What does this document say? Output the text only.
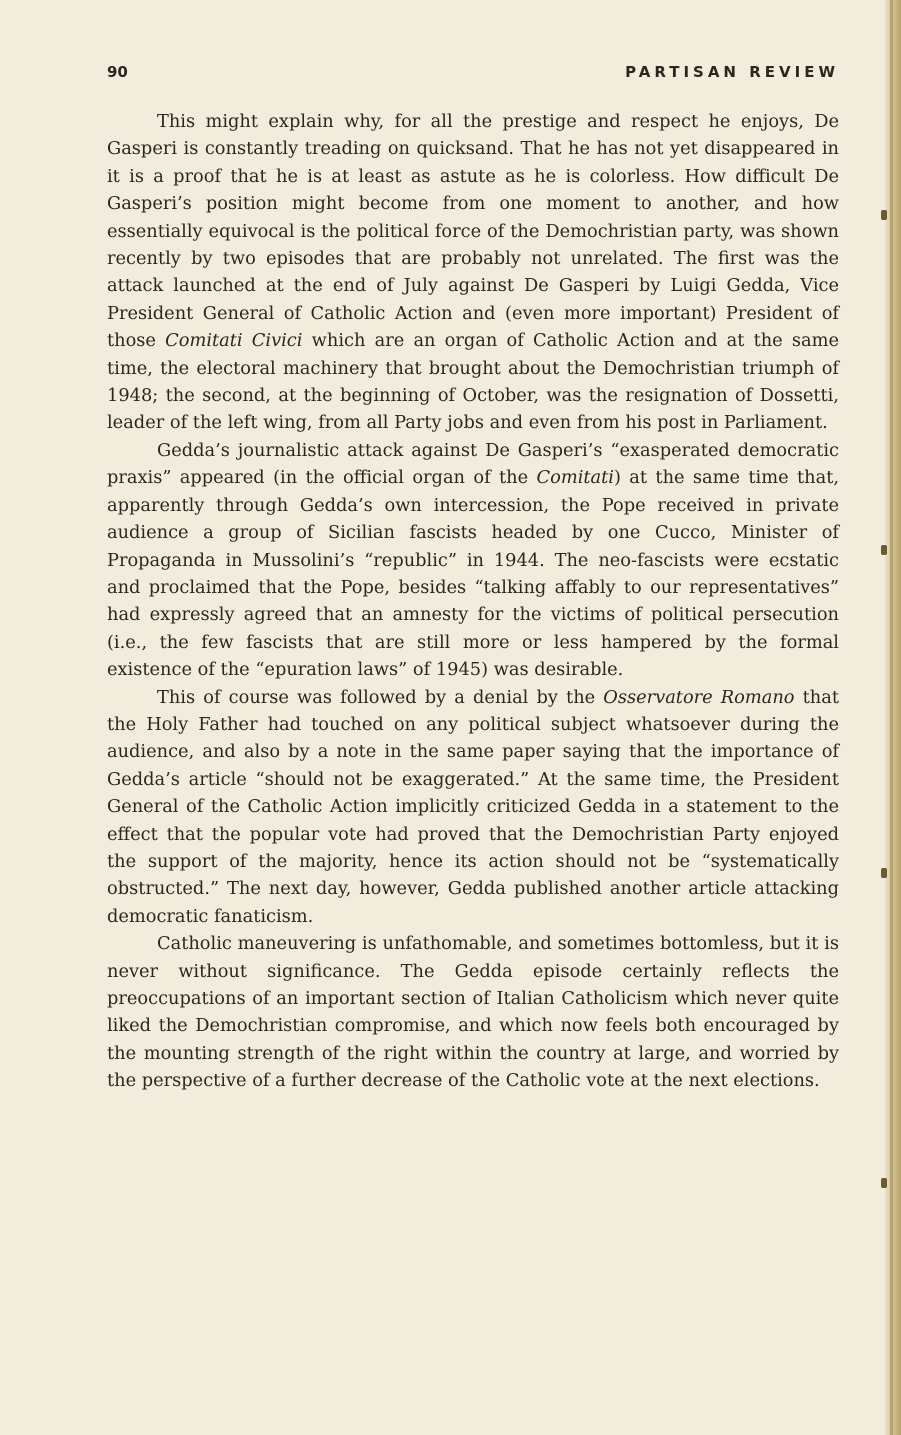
90	PARTISAN REVIEW

This might explain why, for all the prestige and respect he enjoys, De Gasperi is constantly treading on quicksand. That he has not yet disappeared in it is a proof that he is at least as astute as he is colorless. How difficult De Gasperi’s position might become from one moment to another, and how essentially equivocal is the political force of the Demochristian party, was shown recently by two episodes that are probably not unrelated. The first was the attack launched at the end of July against De Gasperi by Luigi Gedda, Vice President General of Catholic Action and (even more important) President of those Comitati Civici which are an organ of Catholic Action and at the same time, the electoral machinery that brought about the Demochristian triumph of 1948; the second, at the beginning of October, was the resignation of Dossetti, leader of the left wing, from all Party jobs and even from his post in Parliament.

Gedda’s journalistic attack against De Gasperi’s “exasperated democratic praxis” appeared (in the official organ of the Comitati) at the same time that, apparently through Gedda’s own intercession, the Pope received in private audience a group of Sicilian fascists headed by one Cucco, Minister of Propaganda in Mussolini’s “republic” in 1944. The neo-fascists were ecstatic and proclaimed that the Pope, besides “talking affably to our representatives” had expressly agreed that an amnesty for the victims of political persecution (i.e., the few fascists that are still more or less hampered by the formal existence of the “epuration laws” of 1945) was desirable.

This of course was followed by a denial by the Osservatore Romano that the Holy Father had touched on any political subject whatsoever during the audience, and also by a note in the same paper saying that the importance of Gedda’s article “should not be exaggerated.” At the same time, the President General of the Catholic Action implicitly criticized Gedda in a statement to the effect that the popular vote had proved that the Demochristian Party enjoyed the support of the majority, hence its action should not be “systematically obstructed.” The next day, however, Gedda published another article attacking democratic fanaticism.

Catholic maneuvering is unfathomable, and sometimes bottomless, but it is never without significance. The Gedda episode certainly reflects the preoccupations of an important section of Italian Catholicism which never quite liked the Demochristian compromise, and which now feels both encouraged by the mounting strength of the right within the country at large, and worried by the perspective of a further decrease of the Catholic vote at the next elections.
